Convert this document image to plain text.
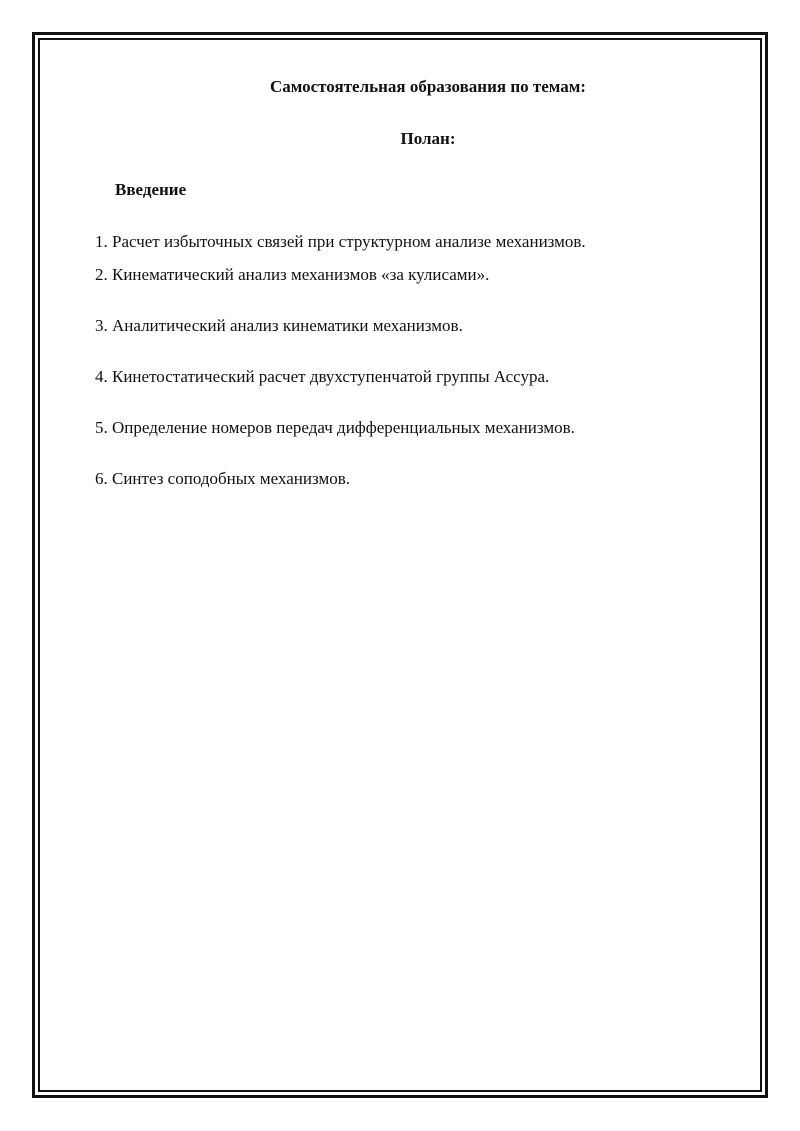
Самостоятельная образования по темам:
Полан:

Введение

1. Расчет избыточных связей при структурном анализе механизмов.

2. Кинематический анализ механизмов «за кулисами».

3. Аналитический анализ кинематики механизмов.

4. Кинетостатический расчет двухступенчатой группы Ассура.

5. Определение номеров передач дифференциальных механизмов.

6. Синтез соподобных механизмов.
